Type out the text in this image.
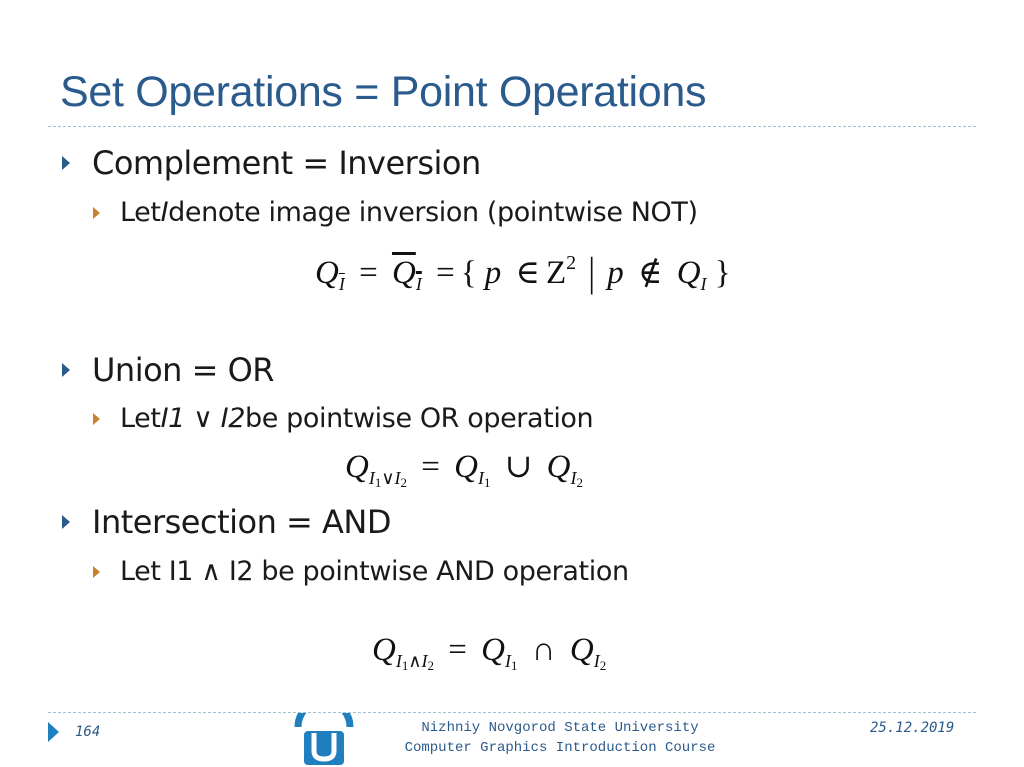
Set Operations = Point Operations
Complement = Inversion
Let I denote image inversion (pointwise NOT)
$Q_{\overline{I}} = Q_I$ = { p ∈ $Z^2$ | p ∉ $Q_I$ }
Union = OR
Let I1 ∨ I2 be pointwise OR operation
$Q_{I_1\vee I_2} = Q_{I_1}$ ∪ $Q_{I_2}$
Intersection = AND
Let I1 ∧ I2 be pointwise AND operation
$Q_{I_1\wedge I_2} = Q_{I_1}$ ∩ $Q_{I_2}$
164	УНИВЕРСИТЕТ	Nizhniy Novgorod State University
Computer Graphics Introduction Course
25.12.2019
